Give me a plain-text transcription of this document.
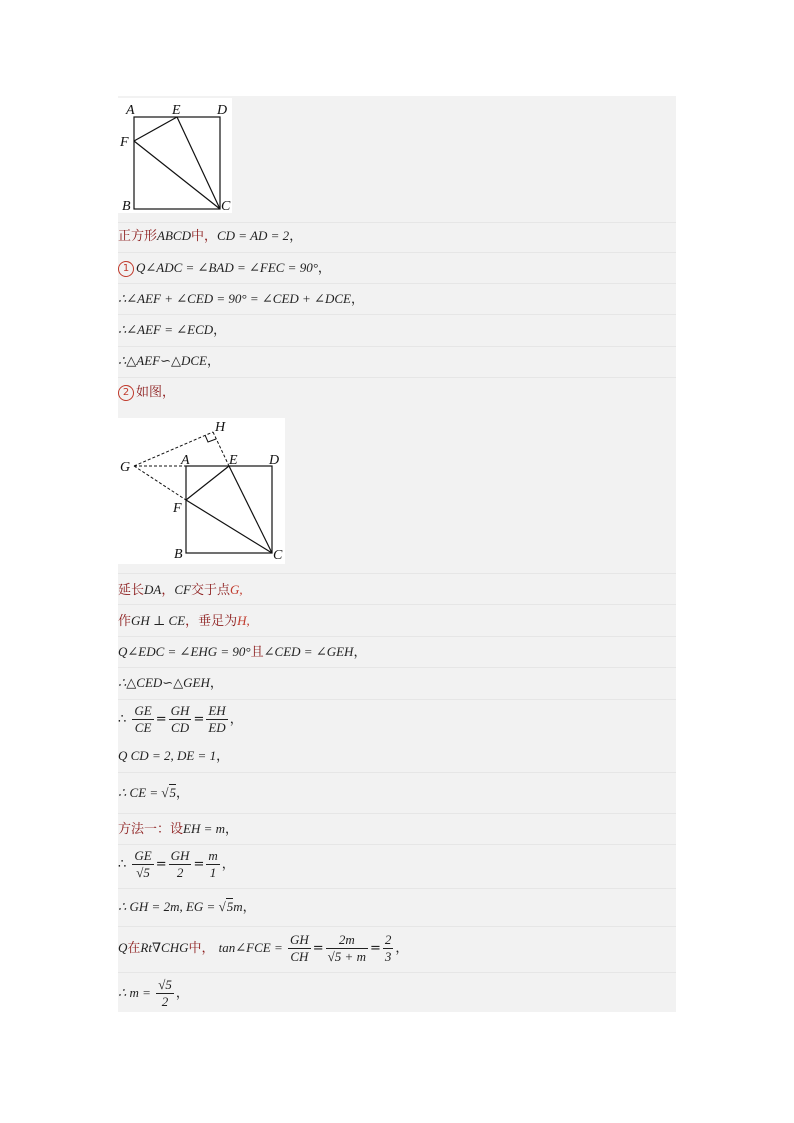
A	E	D
F
B	C
正方形ABCD中，CD = AD = 2，
1 Q∠ADC = ∠BAD = ∠FEC = 90°，
∴∠AEF + ∠CED = 90° = ∠CED + ∠DCE，
∴∠AEF = ∠ECD，
∴△AEF∽△DCE，
2 如图，
H
G	A	E D
F
B	C
延长DA，CF交于点G,
作GH ⊥ CE，垂足为H,
Q∠EDC = ∠EHG = 90°且∠CED = ∠GEH，
∴△CED∽△GEH，
∴ $\frac{GE}{CE} = \frac{GH}{CD} = \frac{EH}{ED}$ ，
Q CD = 2, DE = 1，
∴ CE = √5，
方法一：设EH = m，
∴ $\frac{GE}{√5} = \frac{GH}{2} = \frac{m}{1}$ ，
∴ GH = 2m, EG = √5m，
Q在Rt∇CHG中， tan∠FCE = $\frac{GH}{CH} = \frac{2m}{√5 + m} = \frac{2}{3}$ ，
∴ $m = \frac{√5}{2}$ ，
